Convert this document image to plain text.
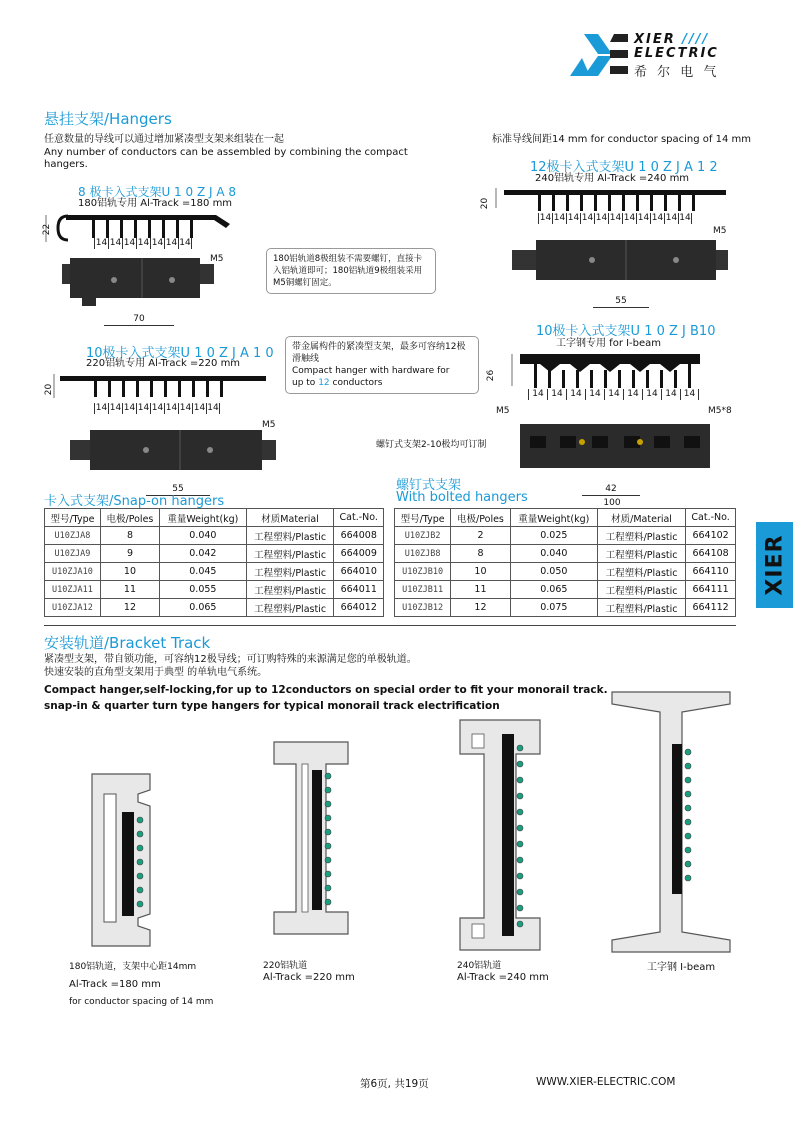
XIER ////
ELECTRIC
希 尔 电 气
悬挂支架/Hangers
任意数量的导线可以通过增加紧凑型支架来组装在一起
Any number of conductors can be assembled by combining the compact hangers.
标准导线间距14 mm for conductor spacing of 14 mm
8 极卡入式支架U 1 0 Z J A 8
180铝轨专用 Al-Track =180 mm
22
14 14 14 14 14 14 14
M5
70
180铝轨道8极组装不需要螺钉，直接卡入铝轨道即可；180铝轨道9极组装采用M5铜螺钉固定。
12极卡入式支架U 1 0 Z J A 1 2
240铝轨专用 Al-Track =240 mm
20
14 14 14 14 14 14 14 14 14 14 14
M5
55
10极卡入式支架U 1 0 Z J A 1 0
220铝轨专用 Al-Track =220 mm
20
14 14 14 14 14 14 14 14 14
M5
55
带金属构件的紧凑型支架，最多可容纳12极滑触线
Compact hanger with hardware for
up to 12 conductors
10极卡入式支架U 1 0 Z J B10
工字钢专用 for I-beam
26
14 14 14 14 14 14 14 14 14
M5	M5*8
螺钉式支架2-10极均可订制
42
100
卡入式支架/Snap-on hangers
螺钉式支架
With bolted hangers
型号/Type	电极/Poles	重量Weight(kg)	材质Material	Cat.-No.
U10ZJA8	8	0.040	工程塑料/Plastic	664008
U10ZJA9	9	0.042	工程塑料/Plastic	664009
U10ZJA10	10	0.045	工程塑料/Plastic	664010
U10ZJA11	11	0.055	工程塑料/Plastic	664011
U10ZJA12	12	0.065	工程塑料/Plastic	664012
型号/Type	电极/Poles	重量Weight(kg)	材质/Material	Cat.-No.
U10ZJB2	2	0.025	工程塑料/Plastic	664102
U10ZJB8	8	0.040	工程塑料/Plastic	664108
U10ZJB10	10	0.050	工程塑料/Plastic	664110
U10ZJB11	11	0.065	工程塑料/Plastic	664111
U10ZJB12	12	0.075	工程塑料/Plastic	664112
XIER
安装轨道/Bracket Track
紧凑型支架，带自锁功能，可容纳12极导线；可订购特殊的来源满足您的单极轨道。
快速安装的直角型支架用于典型 的单轨电气系统。
Compact hanger,self-locking,for up to 12conductors on special order to fit your monorail track.
snap-in & quarter turn type hangers for typical monorail track electrification
180铝轨道，支架中心距14mm
Al-Track =180 mm
for conductor spacing of 14 mm
220铝轨道
Al-Track =220 mm
240铝轨道
Al-Track =240 mm
工字钢 I-beam
第6页, 共19页	WWW.XIER-ELECTRIC.COM
